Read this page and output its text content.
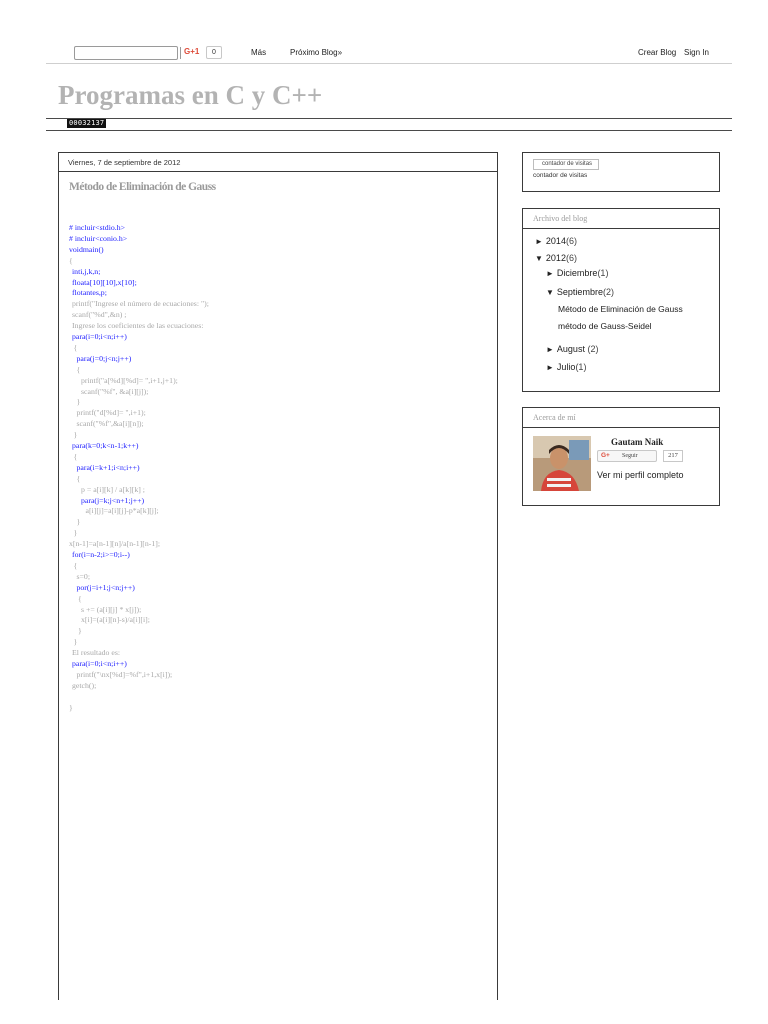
G+1	0	Más	Próximo Blog»	Crear Blog Sign In
Programas en C y C++
00032137
Viernes, 7 de septiembre de 2012
Método de Eliminación de Gauss
# incluir<stdio.h>
# incluir<conio.h>
voidmain()
{
inti,j,k,n;
floata[10][10],x[10];
flotantes,p;
printf("Ingrese el número de ecuaciones: ");
scanf("%d",&n) ;
Ingrese los coeficientes de las ecuaciones:
para(i=0;i<n;i++)
{
para(j=0;j<n;j++)
{
printf("a[%d][%d]= ",i+1,j+1);
scanf("%f", &a[i][j]);
}
printf("d[%d]= ",i+1);
scanf("%f",&a[i][n]);
}
para(k=0;k<n-1;k++)
{
para(i=k+1;i<n;i++)
{
p = a[i][k] / a[k][k] ;
para(j=k;j<n+1;j++)
a[i][j]=a[i][j]-p*a[k][j];
}
}
x[n-1]=a[n-1][n]/a[n-1][n-1];
for(i=n-2;i>=0;i--)
{
s=0;
por(j=i+1;j<n;j++)
{
s += (a[i][j] * x[j]);
x[i]=(a[i][n]-s)/a[i][i];
}
}
El resultado es:
para(i=0;i<n;i++)
printf("\nx[%d]=%f",i+1,x[i]);
getch();
}
contador de visitas
contador de visitas
Archivo del blog
► 2014(6)
▼ 2012(6)
► Diciembre(1)
▼ Septiembre(2)
Método de Eliminación de Gauss
método de Gauss-Seidel
► August (2)
► Julio(1)
Acerca de mí
Gautam Naik
G+ Seguir	217
Ver mi perfil completo
